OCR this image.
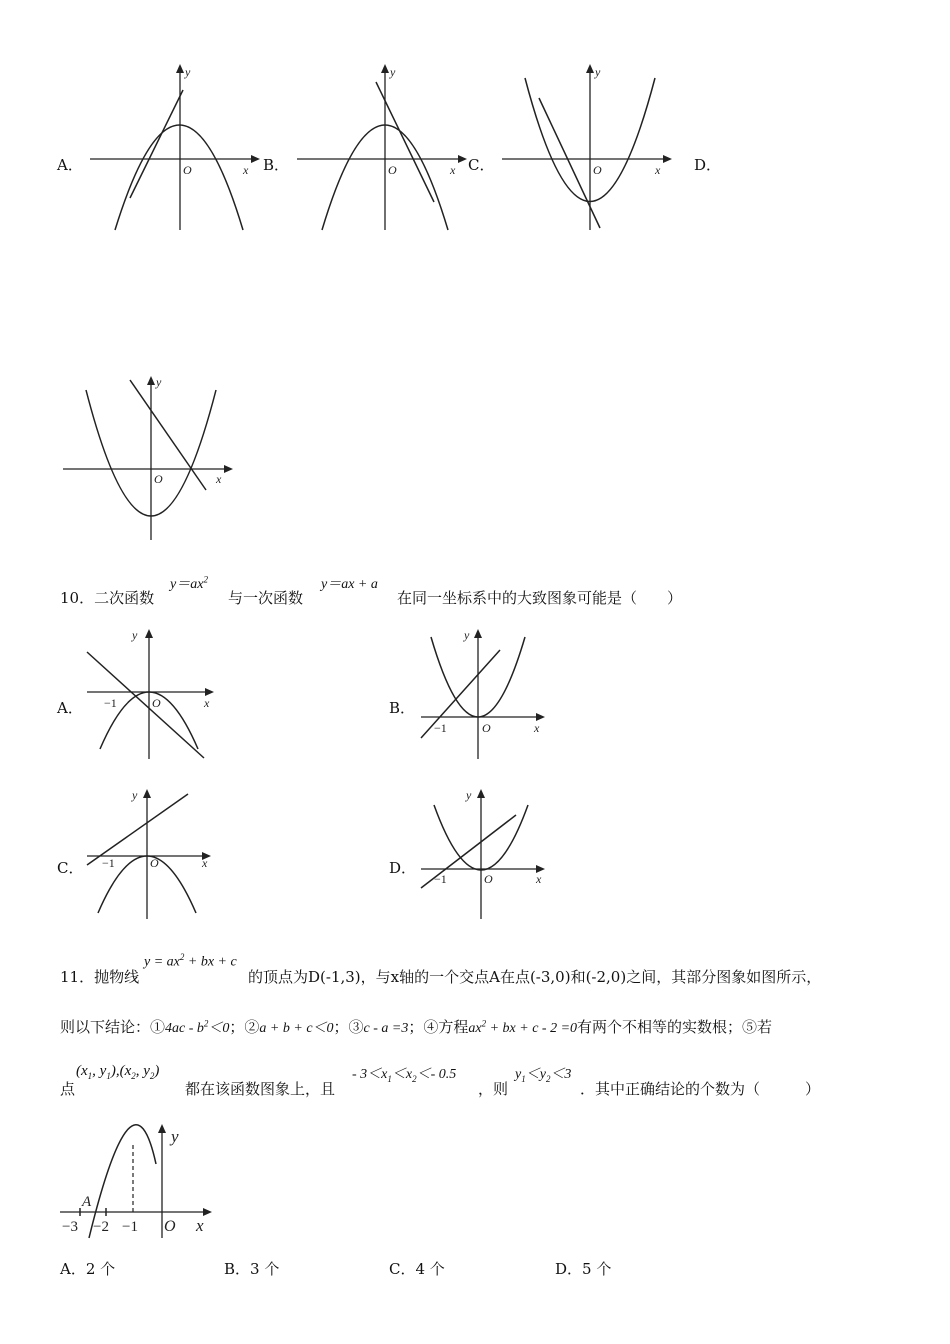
A．	B．	C．	D．
y
O	x
y
O	x
y
O	x
y
O	x
10．二次函数
$y=ax^2$
与一次函数
y＝ax + a
在同一坐标系中的大致图象可能是（　　）
A．	B．
C．	D．
y
O	x
−1
y
O	x
−1
y
O	x
−1
y
O	x
−1
11．抛物线
$y = ax^2$ + bx + c
的顶点为D(-1,3)，与x轴的一个交点A在点(-3,0)和(-2,0)之间，其部分图象如图所示，
则以下结论：①4ac - $b^2<0$；②a + b + c＜0；③c - a =3；④方程$ax^2$ + bx + c - 2 =0有两个不相等的实数根；⑤若
点
($x_1$, $y_1),(x_2$, $y_2$)
都在该函数图象上，且
- $3<x_1<x_2<-$ 0.5
，则
$y_1<y_2<3$
．其中正确结论的个数为（　　　）
y
O x
A
−3 −2 −1
A．2 个	B．3 个	C．4 个	D．5 个
